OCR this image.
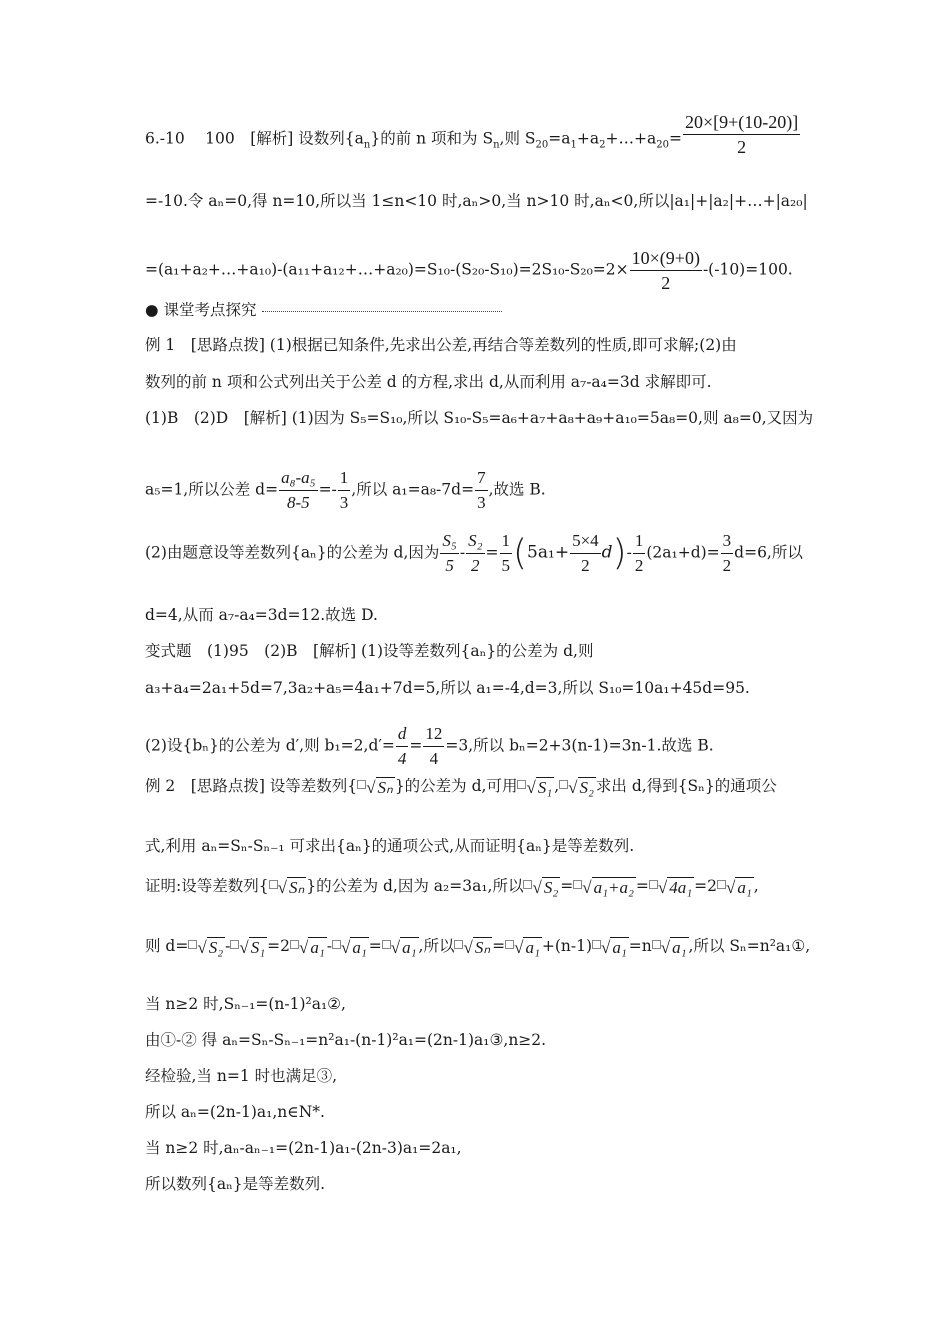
6.-10　 100　[解析] 设数列$\{a_n\}$的前 n 项和为 $S_n$,则 $S_{20}=a_1+a_2+\dots+a_{20}= \frac{20\times[9+(10-20)]}{2}$
=-10.令 aₙ=0,得 n=10,所以当 1≤n<10 时,aₙ>0,当 n>10 时,aₙ<0,所以|a₁|+|a₂|+…+|a₂₀|
=(a₁+a₂+…+a₁₀)-(a₁₁+a₁₂+…+a₂₀)=S₁₀-(S₂₀-S₁₀)=2S₁₀-S₂₀=2× $\frac{10\times(9+0)}{2} -(-10)=100$.
● 课堂考点探究
例 1　[思路点拨] (1)根据已知条件,先求出公差,再结合等差数列的性质,即可求解;(2)由
数列的前 n 项和公式列出关于公差 d 的方程,求出 d,从而利用 a₇-a₄=3d 求解即可.
(1)B　(2)D　[解析] (1)因为 S₅=S₁₀,所以 S₁₀-S₅=a₆+a₇+a₈+a₉+a₁₀=5a₈=0,则 a₈=0,又因为
a₅=1,所以公差 $d= \frac{\text{a₈-a₅}}{8-5} =- \frac{1}{3}$ ,所以 $a_1=a_8-7d= \frac{7}{3}$ ,故选 B.
(2)由题意设等差数列{aₙ}的公差为 d,因为 $\frac{\text{S₅}}{5} - \frac{\text{S₂}}{2} = \frac{1}{5} (5a_1+ \frac{5\times 4}{2} d)- \frac{1}{2} (2a_1+d)= \frac{3}{2} d=6$,所以
d=4,从而 a₇-a₄=3d=12.故选 D.
变式题　(1)95　(2)B　[解析] (1)设等差数列{aₙ}的公差为 d,则
a₃+a₄=2a₁+5d=7,3a₂+a₅=4a₁+7d=5,所以 a₁=-4,d=3,所以 S₁₀=10a₁+45d=95.
(2)设{bₙ}的公差为 d′,则 $b_1=2,d'= \frac{d}{4} = \frac{12}{4} =3$,所以 bₙ=2+3(n-1)=3n-1.故选 B.
例 2　[思路点拨] 设等差数列{ √ Sₙ }的公差为 d,可用 √ S₁ , √ S₂ 求出 d,得到{Sₙ}的通项公
式,利用 aₙ=Sₙ-Sₙ₋₁ 可求出{aₙ}的通项公式,从而证明{aₙ}是等差数列.
证明:设等差数列{ √ Sₙ }的公差为 d,因为 a₂=3a₁,所以 √ S₂ = √ a₁+a₂ = √ 4a₁ =2 √ a₁ ,
则 d= √ S₂ - √ S₁ =2 √ a₁ - √ a₁ = √ a₁ ,所以 √ Sₙ = √ a₁ +(n-1) √ a₁ =n √ a₁ ,所以 Sₙ=n²a₁①,
当 n≥2 时,Sₙ₋₁=(n-1)²a₁②,
由①-② 得 aₙ=Sₙ-Sₙ₋₁=n²a₁-(n-1)²a₁=(2n-1)a₁③,n≥2.
经检验,当 n=1 时也满足③,
所以 aₙ=(2n-1)a₁,n∈N*.
当 n≥2 时,aₙ-aₙ₋₁=(2n-1)a₁-(2n-3)a₁=2a₁,
所以数列{aₙ}是等差数列.
